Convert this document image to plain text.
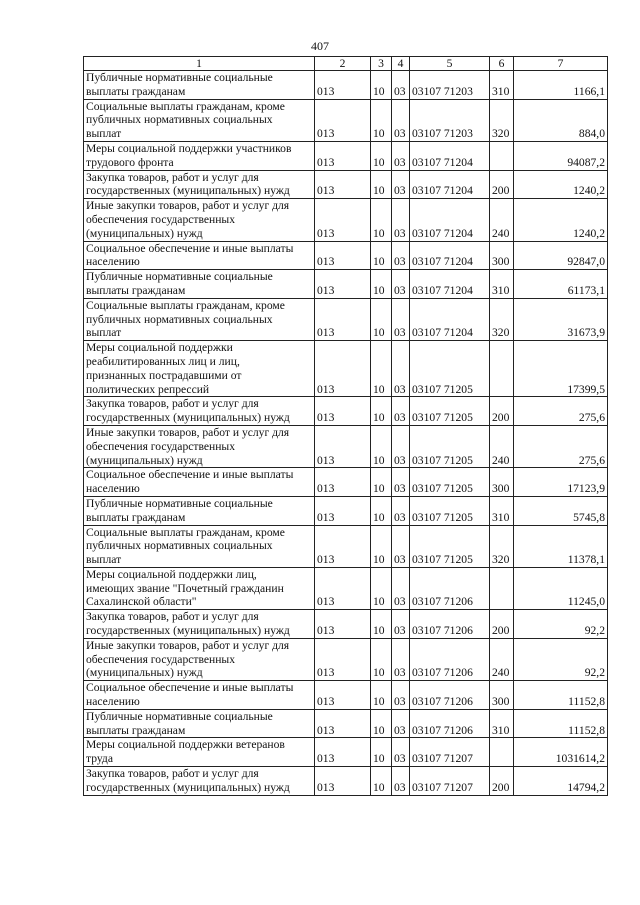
407
1	2	3	4	5	6	7
Публичные нормативные социальные
выплаты гражданам	013	10	03	03107 71203	310	1166,1
Социальные выплаты гражданам, кроме
публичных нормативных социальных
выплат	013	10	03	03107 71203	320	884,0
Меры социальной поддержки участников
трудового фронта	013	10	03	03107 71204		94087,2
Закупка товаров, работ и услуг для
государственных (муниципальных) нужд	013	10	03	03107 71204	200	1240,2
Иные закупки товаров, работ и услуг для
обеспечения государственных
(муниципальных) нужд	013	10	03	03107 71204	240	1240,2
Социальное обеспечение и иные выплаты
населению	013	10	03	03107 71204	300	92847,0
Публичные нормативные социальные
выплаты гражданам	013	10	03	03107 71204	310	61173,1
Социальные выплаты гражданам, кроме
публичных нормативных социальных
выплат	013	10	03	03107 71204	320	31673,9
Меры социальной поддержки
реабилитированных лиц и лиц,
признанных пострадавшими от
политических репрессий	013	10	03	03107 71205		17399,5
Закупка товаров, работ и услуг для
государственных (муниципальных) нужд	013	10	03	03107 71205	200	275,6
Иные закупки товаров, работ и услуг для
обеспечения государственных
(муниципальных) нужд	013	10	03	03107 71205	240	275,6
Социальное обеспечение и иные выплаты
населению	013	10	03	03107 71205	300	17123,9
Публичные нормативные социальные
выплаты гражданам	013	10	03	03107 71205	310	5745,8
Социальные выплаты гражданам, кроме
публичных нормативных социальных
выплат	013	10	03	03107 71205	320	11378,1
Меры социальной поддержки лиц,
имеющих звание "Почетный гражданин
Сахалинской области"	013	10	03	03107 71206		11245,0
Закупка товаров, работ и услуг для
государственных (муниципальных) нужд	013	10	03	03107 71206	200	92,2
Иные закупки товаров, работ и услуг для
обеспечения государственных
(муниципальных) нужд	013	10	03	03107 71206	240	92,2
Социальное обеспечение и иные выплаты
населению	013	10	03	03107 71206	300	11152,8
Публичные нормативные социальные
выплаты гражданам	013	10	03	03107 71206	310	11152,8
Меры социальной поддержки ветеранов
труда	013	10	03	03107 71207		1031614,2
Закупка товаров, работ и услуг для
государственных (муниципальных) нужд	013	10	03	03107 71207	200	14794,2
